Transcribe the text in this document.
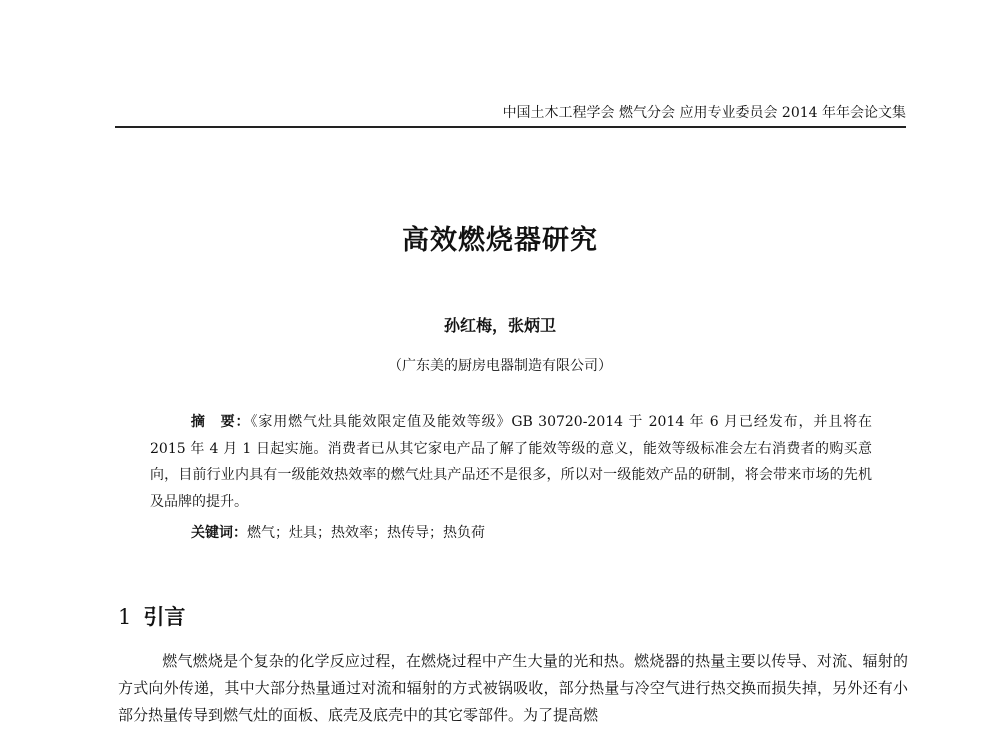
中国土木工程学会 燃气分会 应用专业委员会 2014 年年会论文集
高效燃烧器研究
孙红梅，张炳卫
（广东美的厨房电器制造有限公司）
摘　要：《家用燃气灶具能效限定值及能效等级》GB 30720-2014 于 2014 年 6 月已经发布，并且将在 2015 年 4 月 1 日起实施。消费者已从其它家电产品了解了能效等级的意义，能效等级标准会左右消费者的购买意向，目前行业内具有一级能效热效率的燃气灶具产品还不是很多，所以对一级能效产品的研制，将会带来市场的先机及品牌的提升。
关键词：燃气；灶具；热效率；热传导；热负荷
1 引言
燃气燃烧是个复杂的化学反应过程，在燃烧过程中产生大量的光和热。燃烧器的热量主要以传导、对流、辐射的方式向外传递，其中大部分热量通过对流和辐射的方式被锅吸收，部分热量与冷空气进行热交换而损失掉，另外还有小部分热量传导到燃气灶的面板、底壳及底壳中的其它零部件。为了提高燃
